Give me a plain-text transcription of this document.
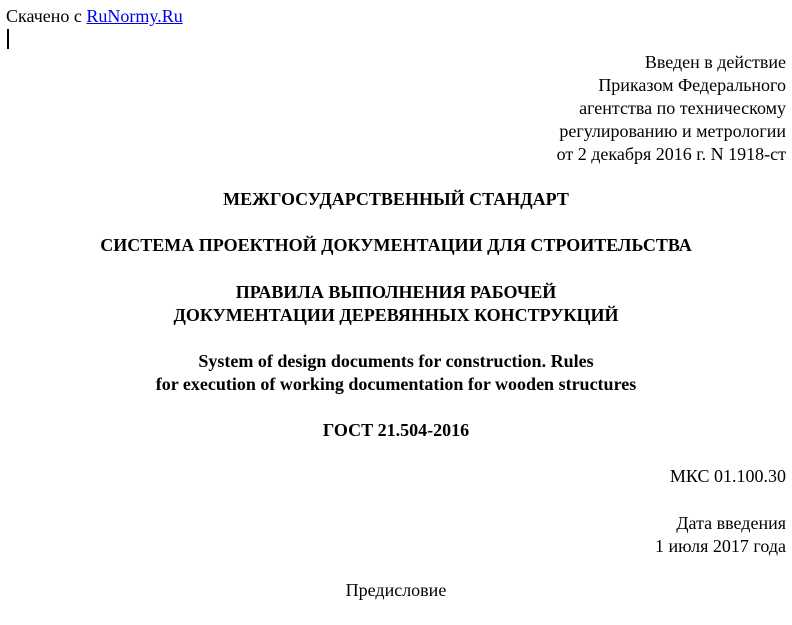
Скачено с RuNormy.Ru
Введен в действие
Приказом Федерального
агентства по техническому
регулированию и метрологии
от 2 декабря 2016 г. N 1918-ст
МЕЖГОСУДАРСТВЕННЫЙ СТАНДАРТ
СИСТЕМА ПРОЕКТНОЙ ДОКУМЕНТАЦИИ ДЛЯ СТРОИТЕЛЬСТВА
ПРАВИЛА ВЫПОЛНЕНИЯ РАБОЧЕЙ
ДОКУМЕНТАЦИИ ДЕРЕВЯННЫХ КОНСТРУКЦИЙ
System of design documents for construction. Rules
for execution of working documentation for wooden structures
ГОСТ 21.504-2016
МКС 01.100.30
Дата введения
1 июля 2017 года
Предисловие
